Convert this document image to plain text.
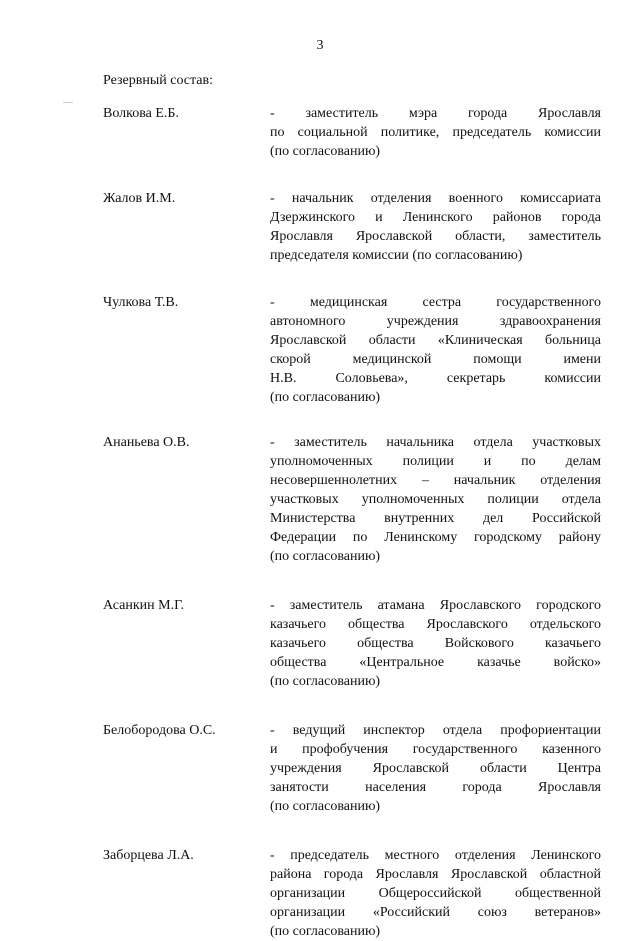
3
Резервный состав:
Волкова Е.Б.	- заместитель мэра города Ярославля
по социальной политике, председатель комиссии
(по согласованию)
Жалов И.М.	- начальник отделения военного комиссариата
Дзержинского и Ленинского районов города
Ярославля Ярославской области, заместитель
председателя комиссии (по согласованию)
Чулкова Т.В.	- медицинская сестра государственного
автономного учреждения здравоохранения
Ярославской области «Клиническая больница
скорой медицинской помощи имени
Н.В. Соловьева», секретарь комиссии
(по согласованию)
Ананьева О.В.	- заместитель начальника отдела участковых
уполномоченных полиции и по делам
несовершеннолетних – начальник отделения
участковых уполномоченных полиции отдела
Министерства внутренних дел Российской
Федерации по Ленинскому городскому району
(по согласованию)
Асанкин М.Г.	- заместитель атамана Ярославского городского
казачьего общества Ярославского отдельского
казачьего общества Войскового казачьего
общества «Центральное казачье войско»
(по согласованию)
Белобородова О.С.	- ведущий инспектор отдела профориентации
и профобучения государственного казенного
учреждения Ярославской области Центра
занятости населения города Ярославля
(по согласованию)
Заборцева Л.А.	- председатель местного отделения Ленинского
района города Ярославля Ярославской областной
организации Общероссийской общественной
организации «Российский союз ветеранов»
(по согласованию)
